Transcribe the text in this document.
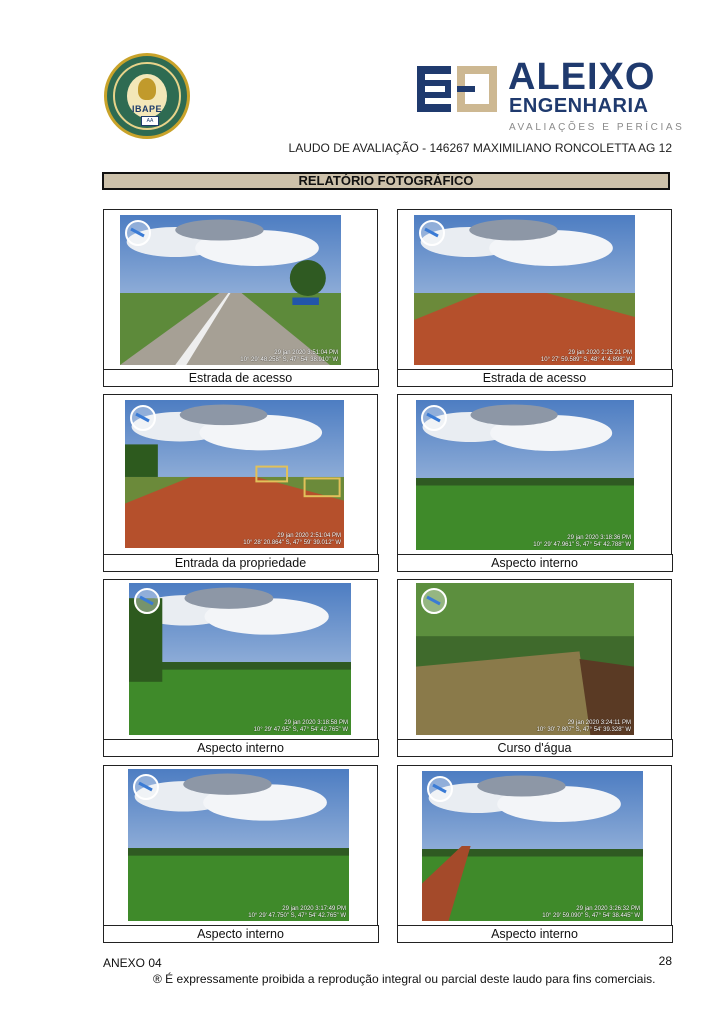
IBAPE
AA
ALEIXO
ENGENHARIA
AVALIAÇÕES E PERÍCIAS
LAUDO DE AVALIAÇÃO - 146267 MAXIMILIANO RONCOLETTA AG 12
RELATÓRIO FOTOGRÁFICO
29 jan 2020 3:51:04 PM
10° 29' 48.258" S, 47° 54' 38.910" W
Estrada de acesso
29 jan 2020 2:25:21 PM
10° 27' 59.589" S, 48° 4' 4.898" W
Estrada de acesso
29 jan 2020 2:51:04 PM
10° 28' 20.864" S, 47° 59' 39.012" W
Entrada da propriedade
29 jan 2020 3:18:36 PM
10° 29' 47.961" S, 47° 54' 42.788" W
Aspecto interno
29 jan 2020 3:18:58 PM
10° 29' 47.95" S, 47° 54' 42.765" W
Aspecto interno
29 jan 2020 3:24:11 PM
10° 30' 7.807" S, 47° 54' 39.328" W
Curso d'água
29 jan 2020 3:17:49 PM
10° 29' 47.750" S, 47° 54' 42.765" W
Aspecto interno
29 jan 2020 3:26:32 PM
10° 29' 59.090" S, 47° 54' 38.445" W
Aspecto interno
ANEXO 04	28
® É expressamente proibida a reprodução integral ou parcial deste laudo para fins comerciais.
